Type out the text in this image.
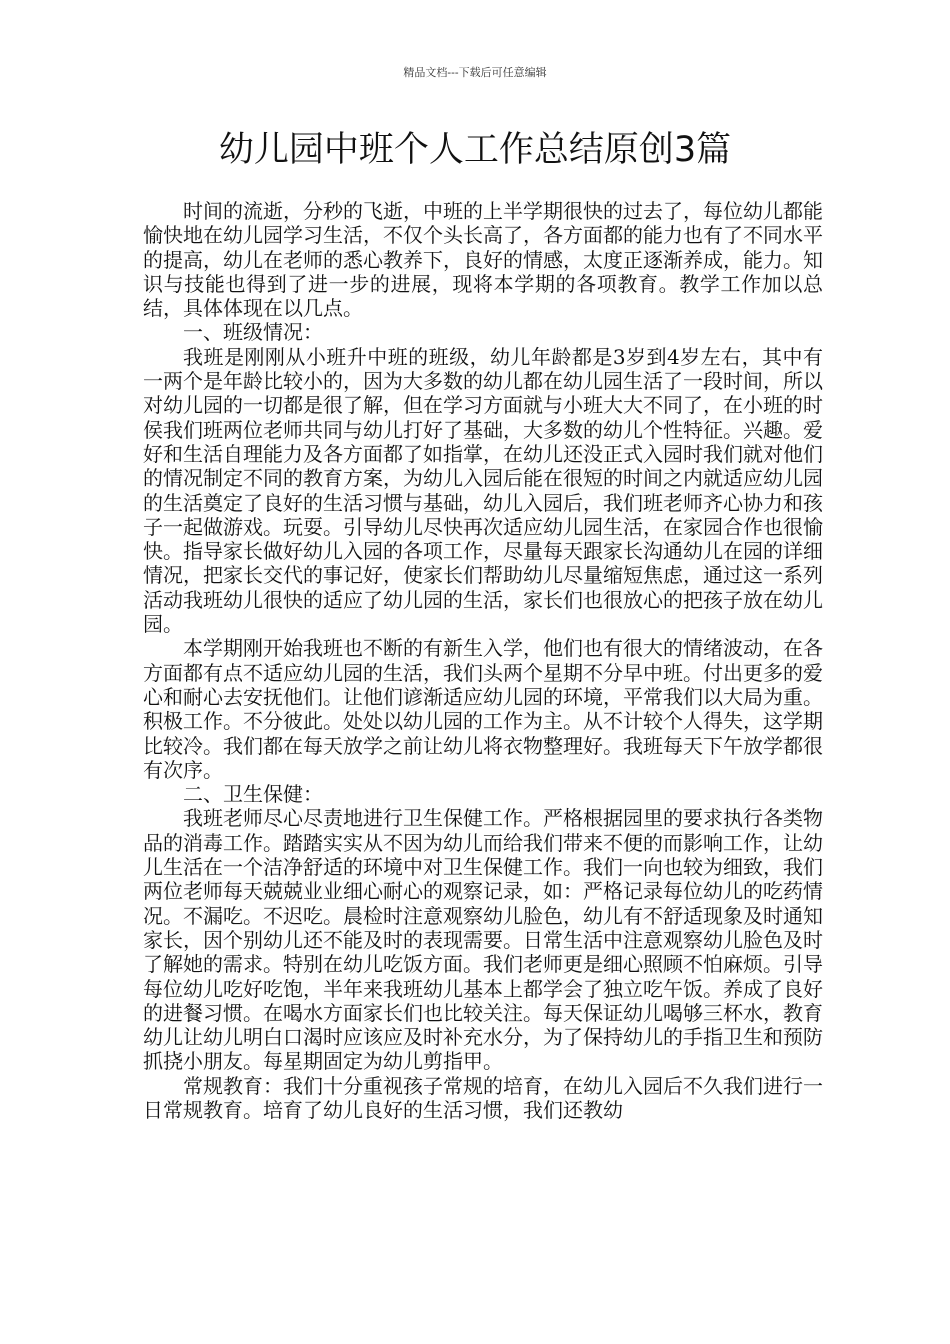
精品文档---下载后可任意编辑
幼儿园中班个人工作总结原创3篇

时间的流逝，分秒的飞逝，中班的上半学期很快的过去了，每位幼儿都能愉快地在幼儿园学习生活，不仅个头长高了，各方面都的能力也有了不同水平的提高，幼儿在老师的悉心教养下，良好的情感，太度正逐渐养成，能力。知识与技能也得到了进一步的进展，现将本学期的各项教育。教学工作加以总结，具体体现在以几点。

一、班级情况：

我班是刚刚从小班升中班的班级，幼儿年龄都是3岁到4岁左右，其中有一两个是年龄比较小的，因为大多数的幼儿都在幼儿园生活了一段时间，所以对幼儿园的一切都是很了解，但在学习方面就与小班大大不同了，在小班的时侯我们班两位老师共同与幼儿打好了基础，大多数的幼儿个性特征。兴趣。爱好和生活自理能力及各方面都了如指掌，在幼儿还没正式入园时我们就对他们的情况制定不同的教育方案，为幼儿入园后能在很短的时间之内就适应幼儿园的生活奠定了良好的生活习惯与基础，幼儿入园后，我们班老师齐心协力和孩子一起做游戏。玩耍。引导幼儿尽快再次适应幼儿园生活，在家园合作也很愉快。指导家长做好幼儿入园的各项工作，尽量每天跟家长沟通幼儿在园的详细情况，把家长交代的事记好，使家长们帮助幼儿尽量缩短焦虑，通过这一系列活动我班幼儿很快的适应了幼儿园的生活，家长们也很放心的把孩子放在幼儿园。

本学期刚开始我班也不断的有新生入学，他们也有很大的情绪波动，在各方面都有点不适应幼儿园的生活，我们头两个星期不分早中班。付出更多的爱心和耐心去安抚他们。让他们谚渐适应幼儿园的环境，平常我们以大局为重。积极工作。不分彼此。处处以幼儿园的工作为主。从不计较个人得失，这学期比较冷。我们都在每天放学之前让幼儿将衣物整理好。我班每天下午放学都很有次序。

二、卫生保健：

我班老师尽心尽责地进行卫生保健工作。严格根据园里的要求执行各类物品的消毒工作。踏踏实实从不因为幼儿而给我们带来不便的而影响工作，让幼儿生活在一个洁净舒适的环境中对卫生保健工作。我们一向也较为细致，我们两位老师每天兢兢业业细心耐心的观察记录，如：严格记录每位幼儿的吃药情况。不漏吃。不迟吃。晨检时注意观察幼儿脸色，幼儿有不舒适现象及时通知家长，因个别幼儿还不能及时的表现需要。日常生活中注意观察幼儿脸色及时了解她的需求。特别在幼儿吃饭方面。我们老师更是细心照顾不怕麻烦。引导每位幼儿吃好吃饱，半年来我班幼儿基本上都学会了独立吃午饭。养成了良好的进餐习惯。在喝水方面家长们也比较关注。每天保证幼儿喝够三杯水，教育幼儿让幼儿明白口渴时应该应及时补充水分，为了保持幼儿的手指卫生和预防抓挠小朋友。每星期固定为幼儿剪指甲。

常规教育：我们十分重视孩子常规的培育，在幼儿入园后不久我们进行一日常规教育。培育了幼儿良好的生活习惯，我们还教幼
